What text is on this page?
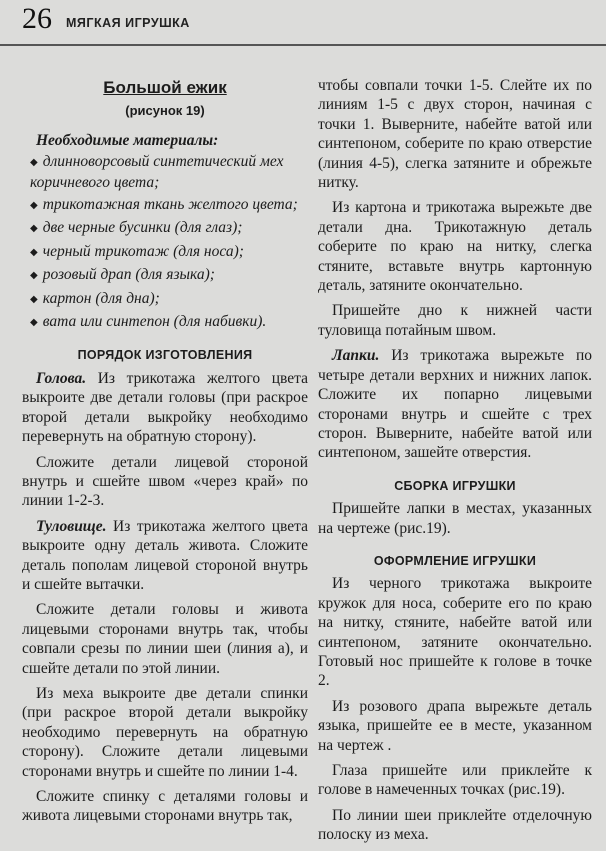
26 МЯГКАЯ ИГРУШКА
Большой ежик
(рисунок 19)
Необходимые материалы:
◆ длинноворсовый синтетический мех коричневого цвета;
◆ трикотажная ткань желтого цвета;
◆ две черные бусинки (для глаз);
◆ черный трикотаж (для носа);
◆ розовый драп (для языка);
◆ картон (для дна);
◆ вата или синтепон (для набивки).
ПОРЯДОК ИЗГОТОВЛЕНИЯ

Голова. Из трикотажа желтого цвета выкроите две детали головы (при раскрое второй детали выкройку необходимо перевернуть на обратную сторону).

Сложите детали лицевой стороной внутрь и сшейте швом «через край» по линии 1-2-3.

Туловище. Из трикотажа желтого цвета выкроите одну деталь живота. Сложите деталь пополам лицевой стороной внутрь и сшейте вытачки.

Сложите детали головы и живота лицевыми сторонами внутрь так, чтобы совпали срезы по линии шеи (линия а), и сшейте детали по этой линии.

Из меха выкроите две детали спинки (при раскрое второй детали выкройку необходимо перевернуть на обратную сторону). Сложите детали лицевыми сторонами внутрь и сшейте по линии 1-4.

Сложите спинку с деталями головы и живота лицевыми сторонами внутрь так,

чтобы совпали точки 1-5. Слейте их по линиям 1-5 с двух сторон, начиная с точки 1. Выверните, набейте ватой или синтепоном, соберите по краю отверстие (линия 4-5), слегка затяните и обрежьте нитку.

Из картона и трикотажа вырежьте две детали дна. Трикотажную деталь соберите по краю на нитку, слегка стяните, вставьте внутрь картонную деталь, затяните окончательно.

Пришейте дно к нижней части туловища потайным швом.

Лапки. Из трикотажа вырежьте по четыре детали верхних и нижних лапок. Сложите их попарно лицевыми сторонами внутрь и сшейте с трех сторон. Выверните, набейте ватой или синтепоном, зашейте отверстия.

СБОРКА ИГРУШКИ

Пришейте лапки в местах, указанных на чертеже (рис.19).

ОФОРМЛЕНИЕ ИГРУШКИ

Из черного трикотажа выкроите кружок для носа, соберите его по краю на нитку, стяните, набейте ватой или синтепоном, затяните окончательно. Готовый нос пришейте к голове в точке 2.

Из розового драпа вырежьте деталь языка, пришейте ее в месте, указанном на чертеж .

Глаза пришейте или приклейте к голове в намеченных точках (рис.19).

По линии шеи приклейте отделочную полоску из меха.
